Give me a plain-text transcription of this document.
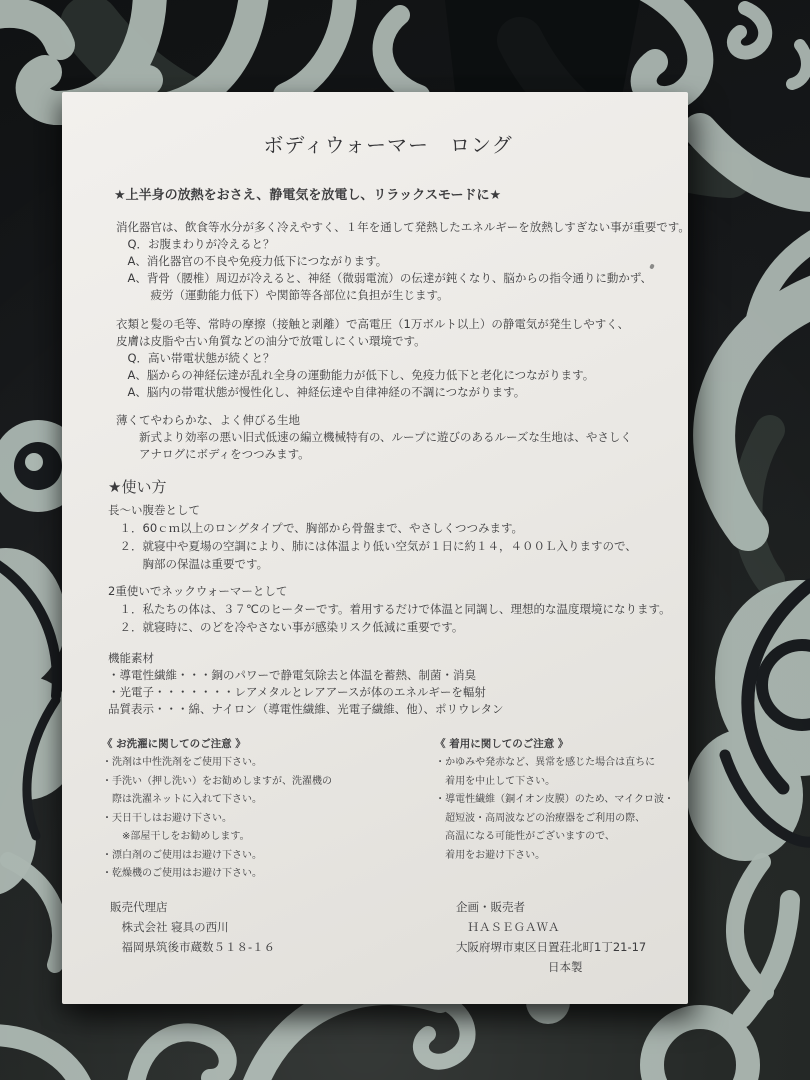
ボディウォーマー　ロング
★上半身の放熱をおさえ、静電気を放電し、リラックスモードに★
消化器官は、飲食等水分が多く冷えやすく、１年を通して発熱したエネルギーを放熱しすぎない事が重要です。
　Q．お腹まわりが冷えると？
　A、消化器官の不良や免疫力低下につながります。
　A、背骨（腰椎）周辺が冷えると、神経（微弱電流）の伝達が鈍くなり、脳からの指令通りに動かず、
　　　疲労（運動能力低下）や関節等各部位に負担が生じます。
衣類と髪の毛等、常時の摩擦（接触と剥離）で高電圧（1万ボルト以上）の静電気が発生しやすく、
皮膚は皮脂や古い角質などの油分で放電しにくい環境です。
　Q．高い帯電状態が続くと？
　A、脳からの神経伝達が乱れ全身の運動能力が低下し、免疫力低下と老化につながります。
　A、脳内の帯電状態が慢性化し、神経伝達や自律神経の不調につながります。
薄くてやわらかな、よく伸びる生地
　　新式より効率の悪い旧式低速の編立機械特有の、ループに遊びのあるルーズな生地は、やさしく
　　アナログにボディをつつみます。
★使い方
長〜い腹巻として
　１．60ｃｍ以上のロングタイプで、胸部から骨盤まで、やさしくつつみます。
　２．就寝中や夏場の空調により、肺には体温より低い空気が１日に約１４，４００Ｌ入りますので、
　　　胸部の保温は重要です。
2重使いでネックウォーマーとして
　１．私たちの体は、３７℃のヒーターです。着用するだけで体温と同調し、理想的な温度環境になります。
　２．就寝時に、のどを冷やさない事が感染リスク低減に重要です。
機能素材
・導電性繊維・・・銅のパワーで静電気除去と体温を蓄熱、制菌・消臭
・光電子・・・・・・・レアメタルとレアアースが体のエネルギーを輻射
品質表示・・・綿、ナイロン（導電性繊維、光電子繊維、他）、ポリウレタン
《 お洗濯に関してのご注意 》
・洗剤は中性洗剤をご使用下さい。
・手洗い（押し洗い）をお勧めしますが、洗濯機の
　際は洗濯ネットに入れて下さい。
・天日干しはお避け下さい。
　　※部屋干しをお勧めします。
・漂白剤のご使用はお避け下さい。
・乾燥機のご使用はお避け下さい。
《 着用に関してのご注意 》
・かゆみや発赤など、異常を感じた場合は直ちに
　着用を中止して下さい。
・導電性繊維（銅イオン皮膜）のため、マイクロ波・
　超短波・高周波などの治療器をご利用の際、
　高温になる可能性がございますので、
　着用をお避け下さい。
販売代理店
　株式会社 寝具の西川
　福岡県筑後市蔵数５１８-１６
企画・販売者
　ＨＡＳＥＧＡＷＡ
大阪府堺市東区日置荘北町1丁21-17
　　　　　　　　日本製
